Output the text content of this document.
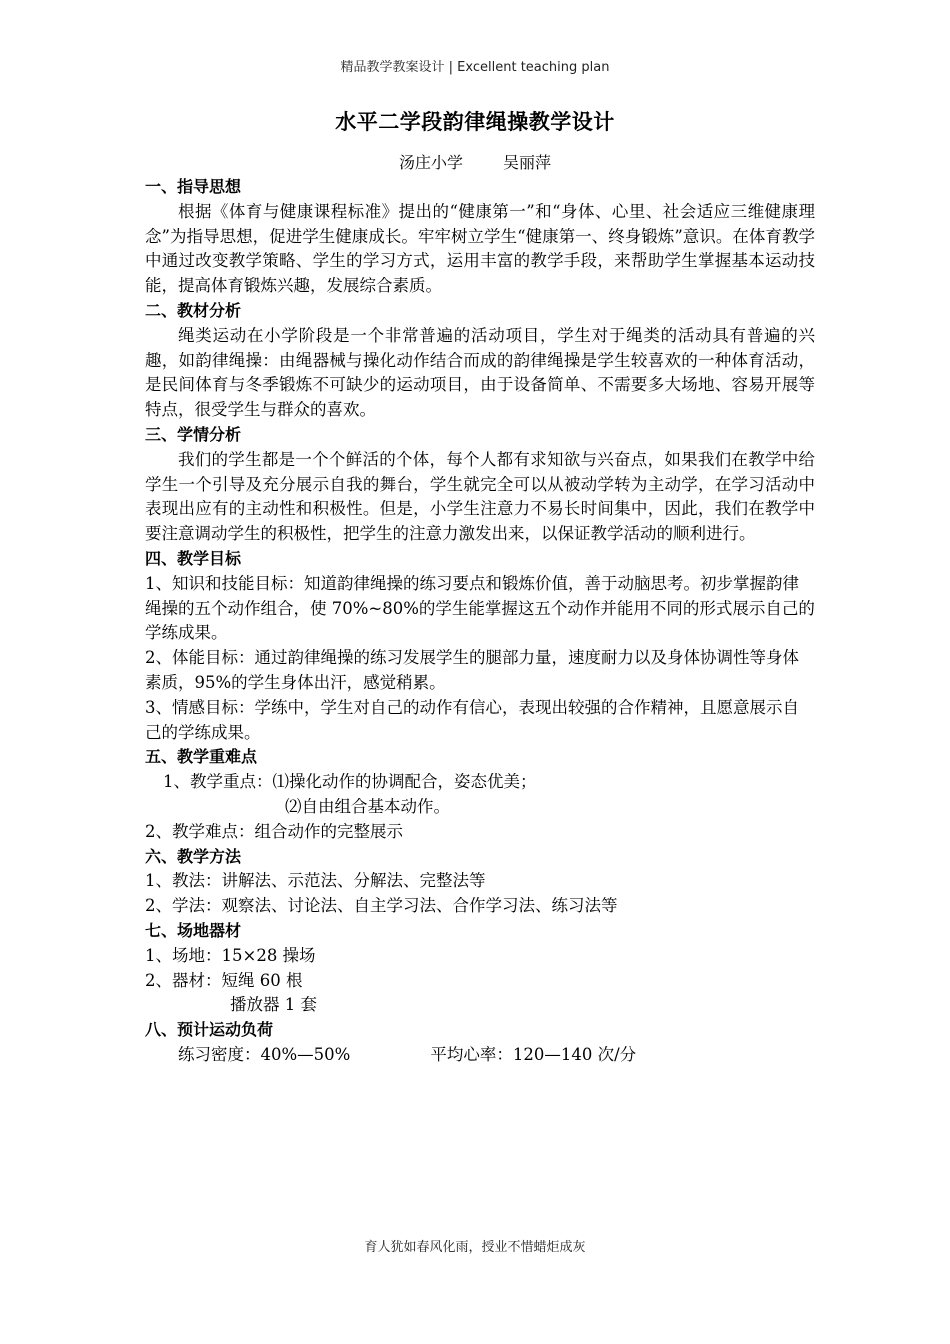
精品教学教案设计 | Excellent teaching plan
水平二学段韵律绳操教学设计
汤庄小学	吴丽萍
一、指导思想
根据《体育与健康课程标准》提出的“健康第一”和“身体、心里、社会适应三维健康理念”为指导思想，促进学生健康成长。牢牢树立学生“健康第一、终身锻炼”意识。在体育教学中通过改变教学策略、学生的学习方式，运用丰富的教学手段，来帮助学生掌握基本运动技能，提高体育锻炼兴趣，发展综合素质。
二、教材分析
绳类运动在小学阶段是一个非常普遍的活动项目，学生对于绳类的活动具有普遍的兴趣，如韵律绳操：由绳器械与操化动作结合而成的韵律绳操是学生较喜欢的一种体育活动，是民间体育与冬季锻炼不可缺少的运动项目，由于设备简单、不需要多大场地、容易开展等特点，很受学生与群众的喜欢。
三、学情分析
我们的学生都是一个个鲜活的个体，每个人都有求知欲与兴奋点，如果我们在教学中给学生一个引导及充分展示自我的舞台，学生就完全可以从被动学转为主动学，在学习活动中表现出应有的主动性和积极性。但是，小学生注意力不易长时间集中，因此，我们在教学中要注意调动学生的积极性，把学生的注意力激发出来，以保证教学活动的顺利进行。
四、教学目标
1、知识和技能目标：知道韵律绳操的练习要点和锻炼价值，善于动脑思考。初步掌握韵律绳操的五个动作组合，使 70%~80%的学生能掌握这五个动作并能用不同的形式展示自己的学练成果。
2、体能目标：通过韵律绳操的练习发展学生的腿部力量，速度耐力以及身体协调性等身体素质，95%的学生身体出汗，感觉稍累。
3、情感目标：学练中，学生对自己的动作有信心，表现出较强的合作精神，且愿意展示自己的学练成果。
五、教学重难点
1、教学重点：⑴操化动作的协调配合，姿态优美；
⑵自由组合基本动作。
2、教学难点：组合动作的完整展示
六、教学方法
1、教法：讲解法、示范法、分解法、完整法等
2、学法：观察法、讨论法、自主学习法、合作学习法、练习法等
七、场地器材
1、场地：15×28 操场
2、器材：短绳 60 根
播放器 1 套
八、预计运动负荷
练习密度：40%—50%	平均心率：120—140 次/分
育人犹如春风化雨，授业不惜蜡炬成灰
